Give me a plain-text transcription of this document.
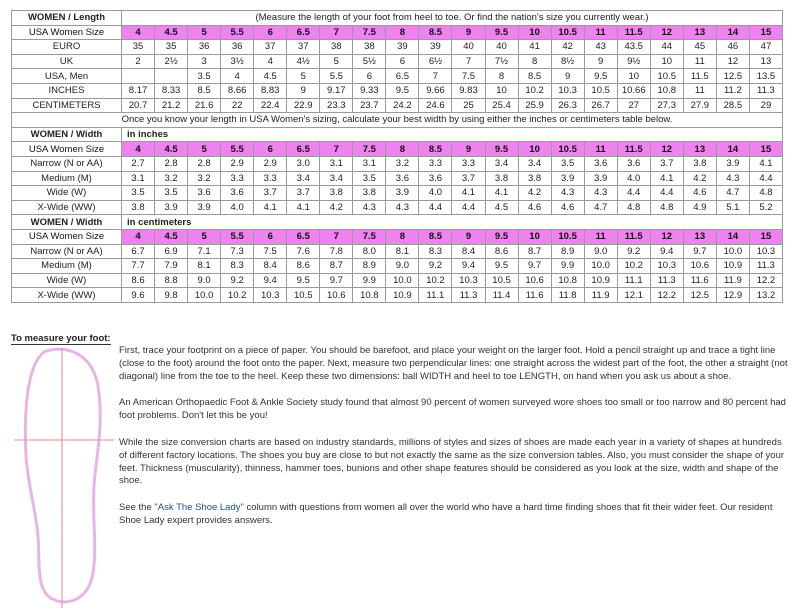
WOMEN / Length	(Measure the length of your foot from heel to toe. Or find the nation's size you currently wear.)																			
USA Women Size	4	4.5	5	5.5	6	6.5	7	7.5	8	8.5	9	9.5	10	10.5	11	11.5	12	13	14	15
EURO	35	35	36	36	37	37	38	38	39	39	40	40	41	42	43	43.5	44	45	46	47
UK	2	2½	3	3½	4	4½	5	5½	6	6½	7	7½	8	8½	9	9½	10	11	12	13
USA, Men			3.5	4	4.5	5	5.5	6	6.5	7	7.5	8	8.5	9	9.5	10	10.5	11.5	12.5	13.5
INCHES	8.17	8.33	8.5	8.66	8.83	9	9.17	9.33	9.5	9.66	9.83	10	10.2	10.3	10.5	10.66	10.8	11	11.2	11.3
CENTIMETERS	20.7	21.2	21.6	22	22.4	22.9	23.3	23.7	24.2	24.6	25	25.4	25.9	26.3	26.7	27	27.3	27.9	28.5	29
Once you know your length in USA Women's sizing, calculate your best width by using either the inches or centimeters table below.																				
WOMEN / Width	in inches																			
USA Women Size	4	4.5	5	5.5	6	6.5	7	7.5	8	8.5	9	9.5	10	10.5	11	11.5	12	13	14	15
Narrow (N or AA)	2.7	2.8	2.8	2.9	2.9	3.0	3.1	3.1	3.2	3.3	3.3	3.4	3.4	3.5	3.6	3.6	3.7	3.8	3.9	4.1
Medium (M)	3.1	3.2	3.2	3.3	3.3	3.4	3.4	3.5	3.6	3.6	3.7	3.8	3.8	3.9	3.9	4.0	4.1	4.2	4.3	4.4
Wide (W)	3.5	3.5	3.6	3.6	3.7	3.7	3.8	3.8	3.9	4.0	4.1	4.1	4.2	4.3	4.3	4.4	4.4	4.6	4.7	4.8
X-Wide (WW)	3.8	3.9	3.9	4.0	4.1	4.1	4.2	4.3	4.3	4.4	4.4	4.5	4.6	4.6	4.7	4.8	4.8	4.9	5.1	5.2
WOMEN / Width	in centimeters																			
USA Women Size	4	4.5	5	5.5	6	6.5	7	7.5	8	8.5	9	9.5	10	10.5	11	11.5	12	13	14	15
Narrow (N or AA)	6.7	6.9	7.1	7.3	7.5	7.6	7.8	8.0	8.1	8.3	8.4	8.6	8.7	8.9	9.0	9.2	9.4	9.7	10.0	10.3
Medium (M)	7.7	7.9	8.1	8.3	8.4	8.6	8.7	8.9	9.0	9.2	9.4	9.5	9.7	9.9	10.0	10.2	10.3	10.6	10.9	11.3
Wide (W)	8.6	8.8	9.0	9.2	9.4	9.5	9.7	9.9	10.0	10.2	10.3	10.5	10.6	10.8	10.9	11.1	11.3	11.6	11.9	12.2
X-Wide (WW)	9.6	9.8	10.0	10.2	10.3	10.5	10.6	10.8	10.9	11.1	11.3	11.4	11.6	11.8	11.9	12.1	12.2	12.5	12.9	13.2
To measure your foot:

First, trace your footprint on a piece of paper. You should be barefoot, and place your weight on the larger foot. Hold a pencil straight up and trace a tight line (close to the foot) around the foot onto the paper. Next, measure two perpendicular lines: one straight across the widest part of the foot, the other a straight (not diagonal) line from the toe to the heel. Keep these two dimensions: ball WIDTH and heel to toe LENGTH, on hand when you ask us about a shoe.

An American Orthopaedic Foot & Ankle Society study found that almost 90 percent of women surveyed wore shoes too small or too narrow and 80 percent had foot problems. Don't let this be you!

While the size conversion charts are based on industry standards, millions of styles and sizes of shoes are made each year in a variety of shapes at hundreds of different factory locations. The shoes you buy are close to but not exactly the same as the size conversion tables. Also, you must consider the shape of your feet. Thickness (muscularity), thinness, hammer toes, bunions and other shape features should be considered as you look at the size, width and shape of the shoe.

See the "Ask The Shoe Lady" column with questions from women all over the world who have a hard time finding shoes that fit their wider feet. Our resident Shoe Lady expert provides answers.
